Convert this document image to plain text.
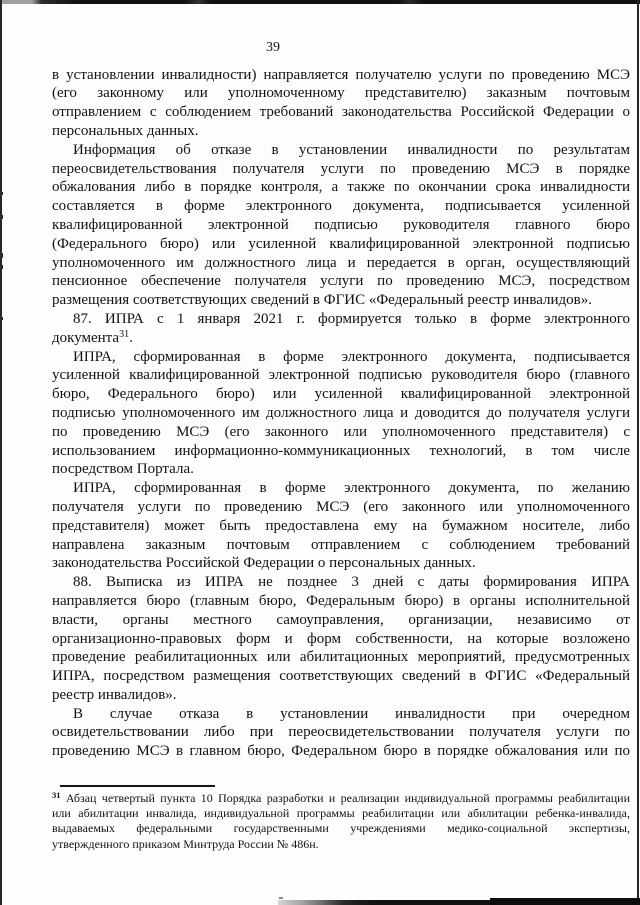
39
в установлении инвалидности) направляется получателю услуги по проведению МСЭ
(его законному или уполномоченному представителю) заказным почтовым
отправлением с соблюдением требований законодательства Российской Федерации о
персональных данных.
Информация об отказе в установлении инвалидности по результатам
переосвидетельствования получателя услуги по проведению МСЭ в порядке
обжалования либо в порядке контроля, а также по окончании срока инвалидности
составляется в форме электронного документа, подписывается усиленной
квалифицированной электронной подписью руководителя главного бюро
(Федерального бюро) или усиленной квалифицированной электронной подписью
уполномоченного им должностного лица и передается в орган, осуществляющий
пенсионное обеспечение получателя услуги по проведению МСЭ, посредством
размещения соответствующих сведений в ФГИС «Федеральный реестр инвалидов».
87. ИПРА с 1 января 2021 г. формируется только в форме электронного
документа$^{31}$.
ИПРА, сформированная в форме электронного документа, подписывается
усиленной квалифицированной электронной подписью руководителя бюро (главного
бюро, Федерального бюро) или усиленной квалифицированной электронной
подписью уполномоченного им должностного лица и доводится до получателя услуги
по проведению МСЭ (его законного или уполномоченного представителя) с
использованием информационно-коммуникационных технологий, в том числе
посредством Портала.
ИПРА, сформированная в форме электронного документа, по желанию
получателя услуги по проведению МСЭ (его законного или уполномоченного
представителя) может быть предоставлена ему на бумажном носителе, либо
направлена заказным почтовым отправлением с соблюдением требований
законодательства Российской Федерации о персональных данных.
88. Выписка из ИПРА не позднее 3 дней с даты формирования ИПРА
направляется бюро (главным бюро, Федеральным бюро) в органы исполнительной
власти, органы местного самоуправления, организации, независимо от
организационно-правовых форм и форм собственности, на которые возложено
проведение реабилитационных или абилитационных мероприятий, предусмотренных
ИПРА, посредством размещения соответствующих сведений в ФГИС «Федеральный
реестр инвалидов».
В случае отказа в установлении инвалидности при очередном
освидетельствовании либо при переосвидетельствовании получателя услуги по
проведению МСЭ в главном бюро, Федеральном бюро в порядке обжалования или по
$^{31}$ Абзац четвертый пункта 10 Порядка разработки и реализации индивидуальной программы реабилитации
или абилитации инвалида, индивидуальной программы реабилитации или абилитации ребенка-инвалида,
выдаваемых федеральными государственными учреждениями медико-социальной экспертизы,
утвержденного приказом Минтруда России № 486н.
